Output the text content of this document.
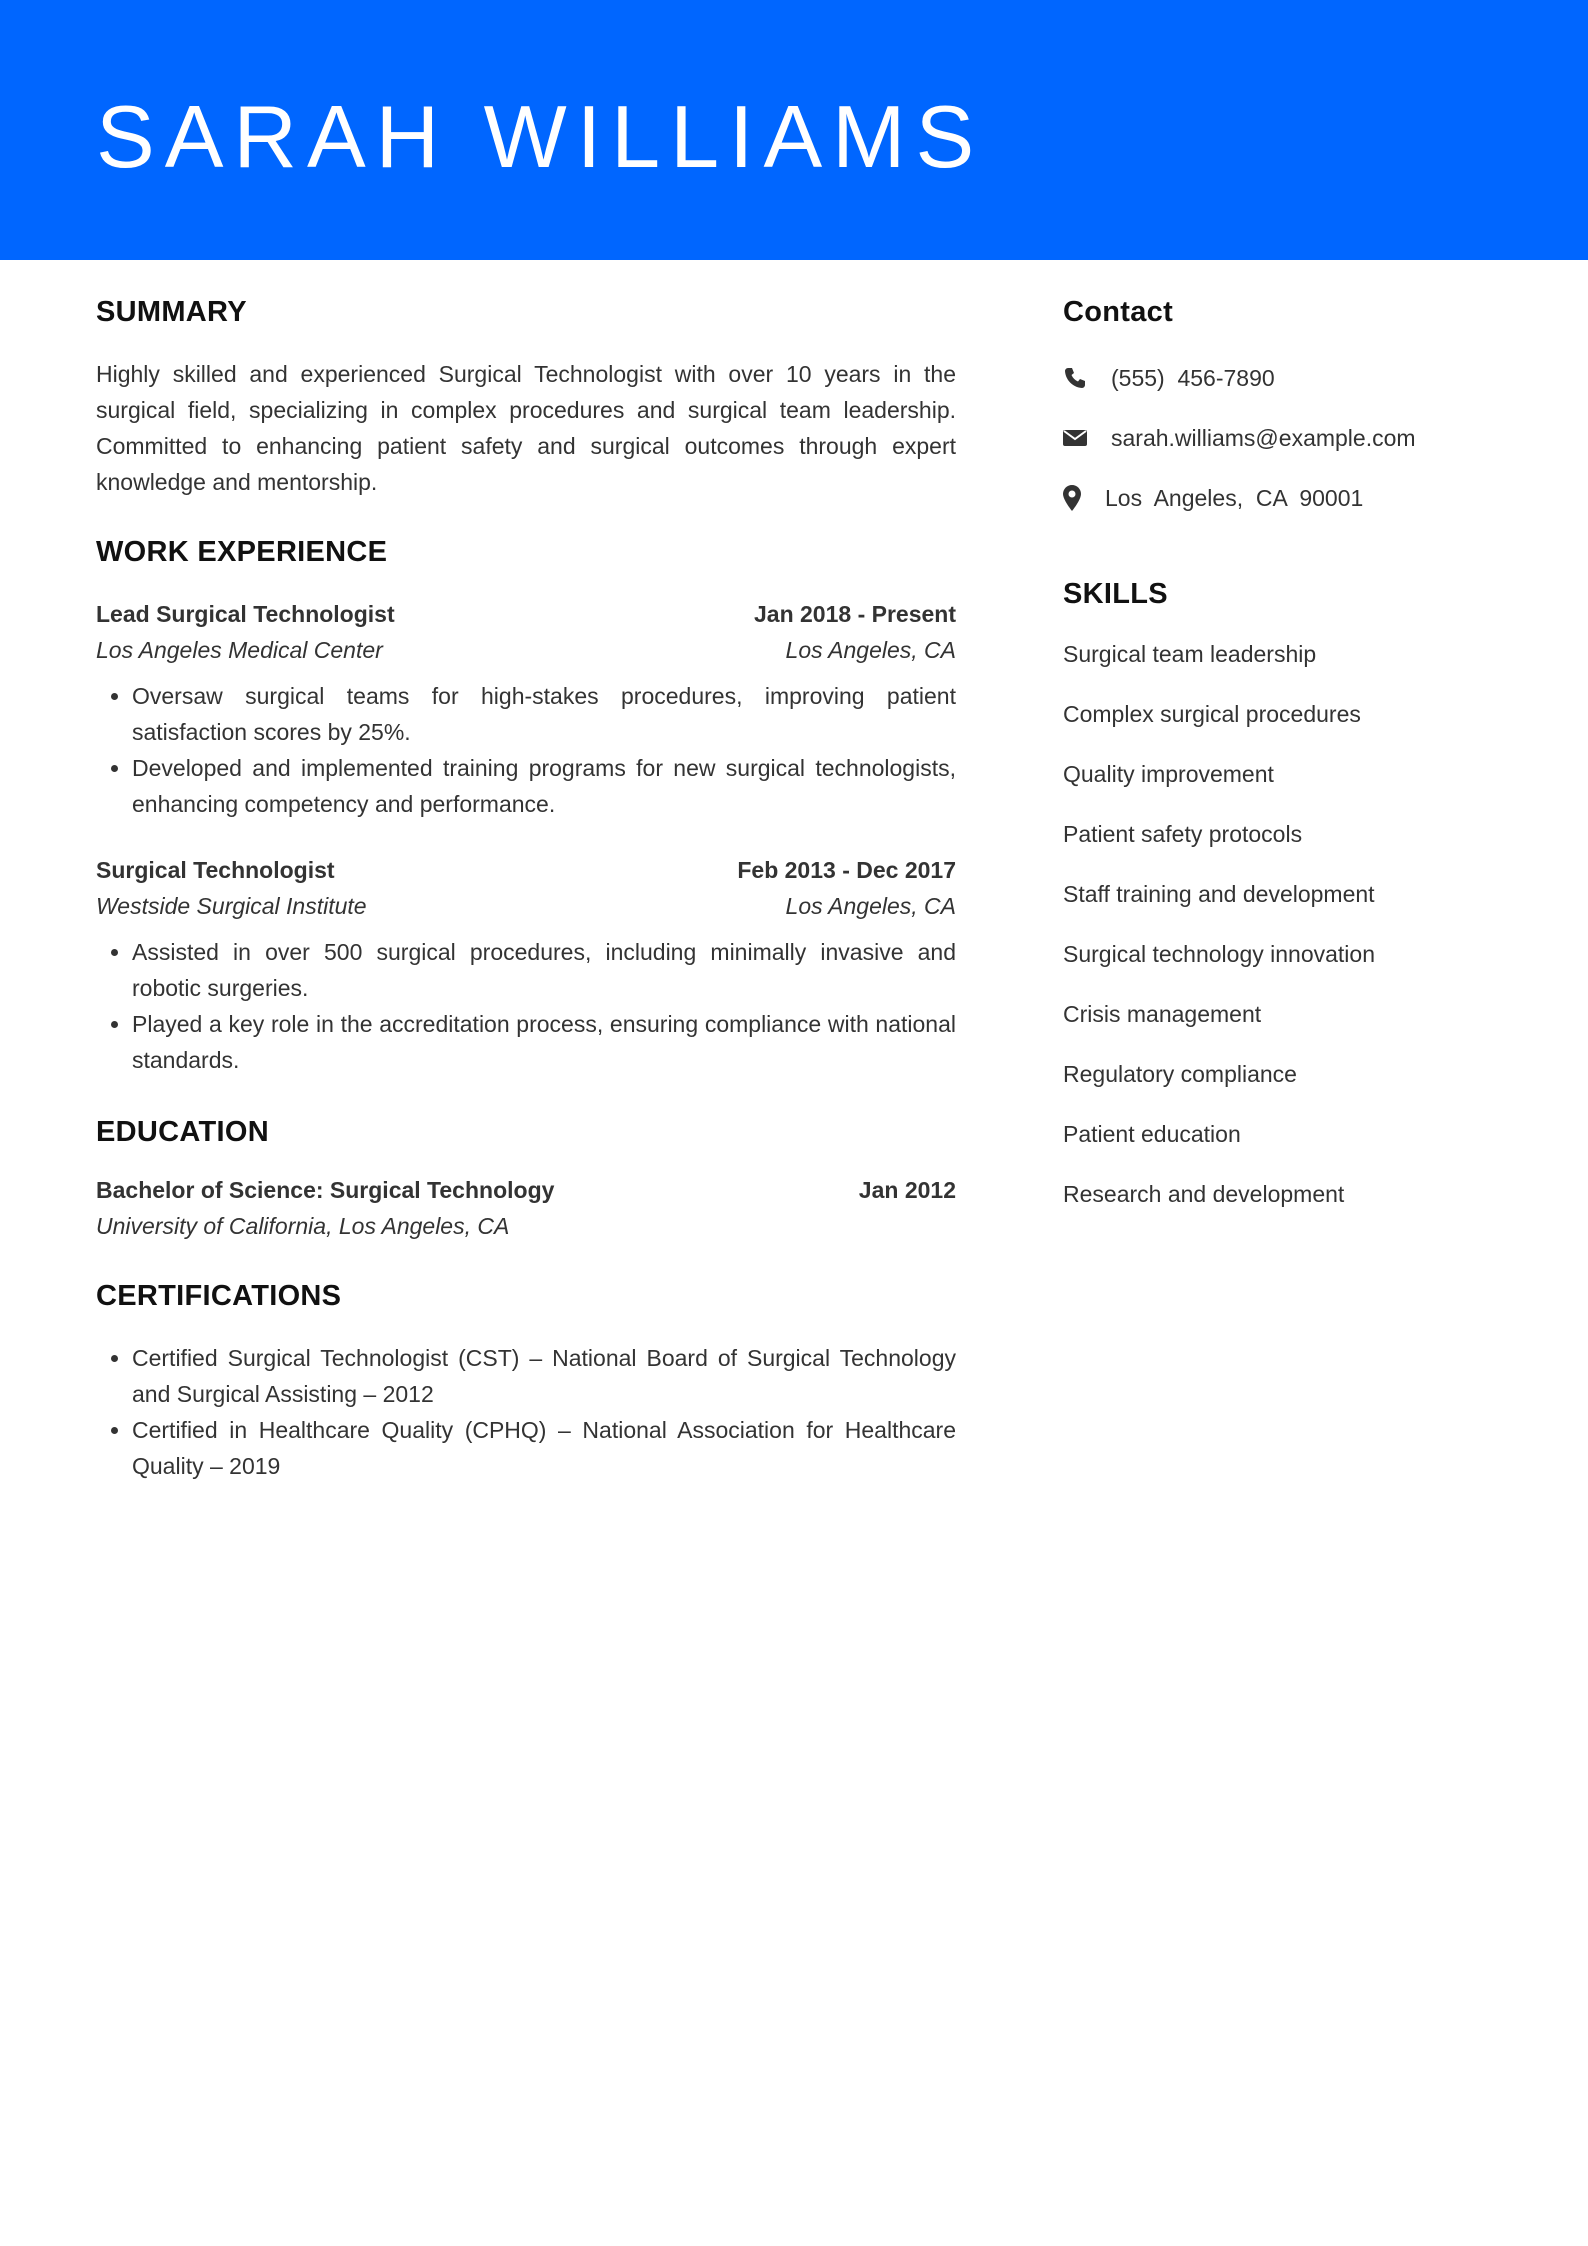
SARAH WILLIAMS
SUMMARY

Highly skilled and experienced Surgical Technologist with over 10 years in the surgical field, specializing in complex procedures and surgical team leadership. Committed to enhancing patient safety and surgical outcomes through expert knowledge and mentorship.

WORK EXPERIENCE
Lead Surgical Technologist	Jan 2018 - Present
Los Angeles Medical Center	Los Angeles, CA
• Oversaw surgical teams for high-stakes procedures, improving patient satisfaction scores by 25%.
• Developed and implemented training programs for new surgical technologists, enhancing competency and performance.
Surgical Technologist	Feb 2013 - Dec 2017
Westside Surgical Institute	Los Angeles, CA
• Assisted in over 500 surgical procedures, including minimally invasive and robotic surgeries.
• Played a key role in the accreditation process, ensuring compliance with national standards.
EDUCATION
Bachelor of Science: Surgical Technology	Jan 2012
University of California, Los Angeles, CA
CERTIFICATIONS
• Certified Surgical Technologist (CST) – National Board of Surgical Technology and Surgical Assisting – 2012
• Certified in Healthcare Quality (CPHQ) – National Association for Healthcare Quality – 2019
Contact
(555)  456-7890
sarah.williams@example.com
Los  Angeles,  CA  90001
SKILLS
Surgical team leadership
Complex surgical procedures
Quality improvement
Patient safety protocols
Staff training and development
Surgical technology innovation
Crisis management
Regulatory compliance
Patient education
Research and development
